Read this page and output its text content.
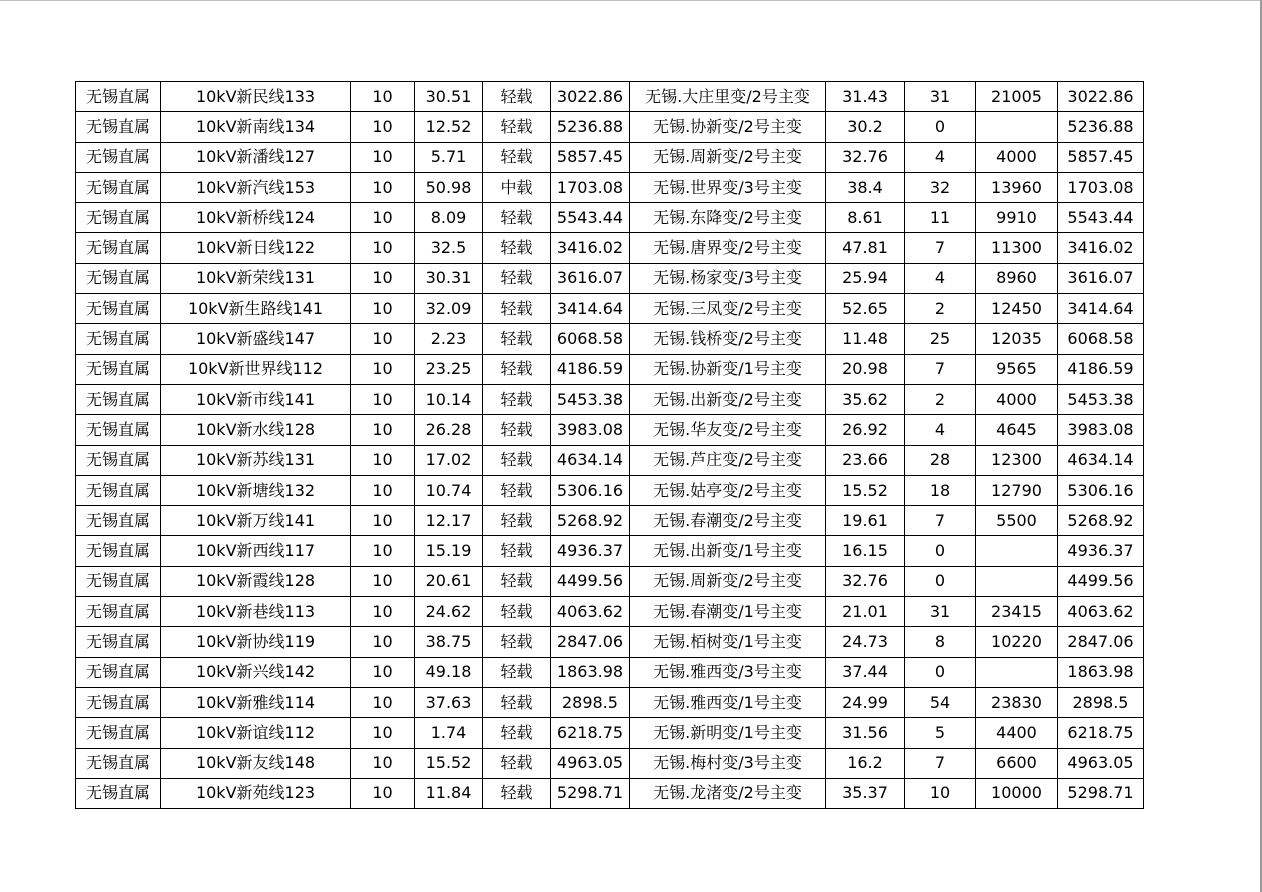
无锡直属	10kV新民线133	10	30.51	轻载	3022.86	无锡.大庄里变/2号主变	31.43	31	21005	3022.86
无锡直属	10kV新南线134	10	12.52	轻载	5236.88	无锡.协新变/2号主变	30.2	0		5236.88
无锡直属	10kV新潘线127	10	5.71	轻载	5857.45	无锡.周新变/2号主变	32.76	4	4000	5857.45
无锡直属	10kV新汽线153	10	50.98	中载	1703.08	无锡.世界变/3号主变	38.4	32	13960	1703.08
无锡直属	10kV新桥线124	10	8.09	轻载	5543.44	无锡.东降变/2号主变	8.61	11	9910	5543.44
无锡直属	10kV新日线122	10	32.5	轻载	3416.02	无锡.唐界变/2号主变	47.81	7	11300	3416.02
无锡直属	10kV新荣线131	10	30.31	轻载	3616.07	无锡.杨家变/3号主变	25.94	4	8960	3616.07
无锡直属	10kV新生路线141	10	32.09	轻载	3414.64	无锡.三凤变/2号主变	52.65	2	12450	3414.64
无锡直属	10kV新盛线147	10	2.23	轻载	6068.58	无锡.钱桥变/2号主变	11.48	25	12035	6068.58
无锡直属	10kV新世界线112	10	23.25	轻载	4186.59	无锡.协新变/1号主变	20.98	7	9565	4186.59
无锡直属	10kV新市线141	10	10.14	轻载	5453.38	无锡.出新变/2号主变	35.62	2	4000	5453.38
无锡直属	10kV新水线128	10	26.28	轻载	3983.08	无锡.华友变/2号主变	26.92	4	4645	3983.08
无锡直属	10kV新苏线131	10	17.02	轻载	4634.14	无锡.芦庄变/2号主变	23.66	28	12300	4634.14
无锡直属	10kV新塘线132	10	10.74	轻载	5306.16	无锡.姑亭变/2号主变	15.52	18	12790	5306.16
无锡直属	10kV新万线141	10	12.17	轻载	5268.92	无锡.春潮变/2号主变	19.61	7	5500	5268.92
无锡直属	10kV新西线117	10	15.19	轻载	4936.37	无锡.出新变/1号主变	16.15	0		4936.37
无锡直属	10kV新霞线128	10	20.61	轻载	4499.56	无锡.周新变/2号主变	32.76	0		4499.56
无锡直属	10kV新巷线113	10	24.62	轻载	4063.62	无锡.春潮变/1号主变	21.01	31	23415	4063.62
无锡直属	10kV新协线119	10	38.75	轻载	2847.06	无锡.栢树变/1号主变	24.73	8	10220	2847.06
无锡直属	10kV新兴线142	10	49.18	轻载	1863.98	无锡.雅西变/3号主变	37.44	0		1863.98
无锡直属	10kV新雅线114	10	37.63	轻载	2898.5	无锡.雅西变/1号主变	24.99	54	23830	2898.5
无锡直属	10kV新谊线112	10	1.74	轻载	6218.75	无锡.新明变/1号主变	31.56	5	4400	6218.75
无锡直属	10kV新友线148	10	15.52	轻载	4963.05	无锡.梅村变/3号主变	16.2	7	6600	4963.05
无锡直属	10kV新苑线123	10	11.84	轻载	5298.71	无锡.龙渚变/2号主变	35.37	10	10000	5298.71
